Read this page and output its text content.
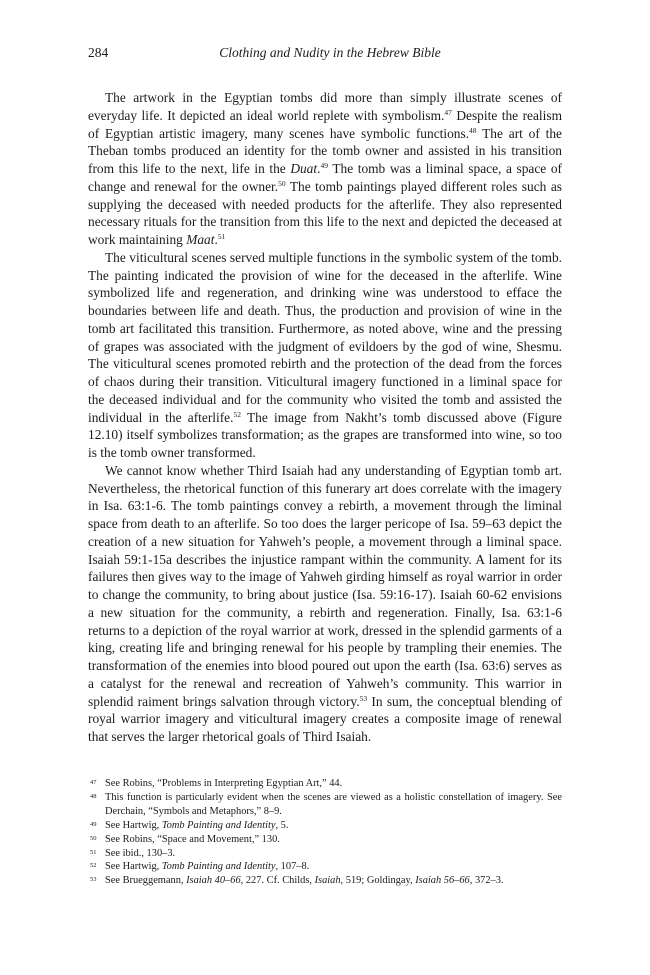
284	Clothing and Nudity in the Hebrew Bible

The artwork in the Egyptian tombs did more than simply illustrate scenes of everyday life. It depicted an ideal world replete with symbolism.$^{47}$ Despite the realism of Egyptian artistic imagery, many scenes have symbolic functions.$^{48}$ The art of the Theban tombs produced an identity for the tomb owner and assisted in his transition from this life to the next, life in the Duat.$^{49}$ The tomb was a liminal space, a space of change and renewal for the owner.$^{50}$ The tomb paintings played different roles such as supplying the deceased with needed products for the afterlife. They also represented necessary rituals for the transition from this life to the next and depicted the deceased at work maintaining Maat.$^{51}$

The viticultural scenes served multiple functions in the symbolic system of the tomb. The painting indicated the provision of wine for the deceased in the afterlife. Wine symbolized life and regeneration, and drinking wine was understood to efface the boundaries between life and death. Thus, the production and provision of wine in the tomb art facilitated this transition. Furthermore, as noted above, wine and the pressing of grapes was associated with the judgment of evildoers by the god of wine, Shesmu. The viticultural scenes promoted rebirth and the protection of the dead from the forces of chaos during their transition. Viticultural imagery functioned in a liminal space for the deceased individual and for the community who visited the tomb and assisted the individual in the afterlife.$^{52}$ The image from Nakht’s tomb discussed above (Figure 12.10) itself symbolizes transformation; as the grapes are transformed into wine, so too is the tomb owner transformed.

We cannot know whether Third Isaiah had any understanding of Egyptian tomb art. Nevertheless, the rhetorical function of this funerary art does correlate with the imagery in Isa. 63:1-6. The tomb paintings convey a rebirth, a movement through the liminal space from death to an afterlife. So too does the larger pericope of Isa. 59–63 depict the creation of a new situation for Yahweh’s people, a movement through a liminal space. Isaiah 59:1-15a describes the injustice rampant within the community. A lament for its failures then gives way to the image of Yahweh girding himself as royal warrior in order to change the community, to bring about justice (Isa. 59:16-17). Isaiah 60-62 envisions a new situation for the community, a rebirth and regeneration. Finally, Isa. 63:1-6 returns to a depiction of the royal warrior at work, dressed in the splendid garments of a king, creating life and bringing renewal for his people by trampling their enemies. The transformation of the enemies into blood poured out upon the earth (Isa. 63:6) serves as a catalyst for the renewal and recreation of Yahweh’s community. This warrior in splendid raiment brings salvation through victory.$^{53}$ In sum, the conceptual blending of royal warrior imagery and viticultural imagery creates a composite image of renewal that serves the larger rhetorical goals of Third Isaiah.

47 See Robins, “Problems in Interpreting Egyptian Art,” 44.
48 This function is particularly evident when the scenes are viewed as a holistic constellation of imagery. See Derchain, “Symbols and Metaphors,” 8–9.
49 See Hartwig, Tomb Painting and Identity, 5.
50 See Robins, “Space and Movement,” 130.
51 See ibid., 130–3.
52 See Hartwig, Tomb Painting and Identity, 107–8.
53 See Brueggemann, Isaiah 40–66, 227. Cf. Childs, Isaiah, 519; Goldingay, Isaiah 56–66, 372–3.
